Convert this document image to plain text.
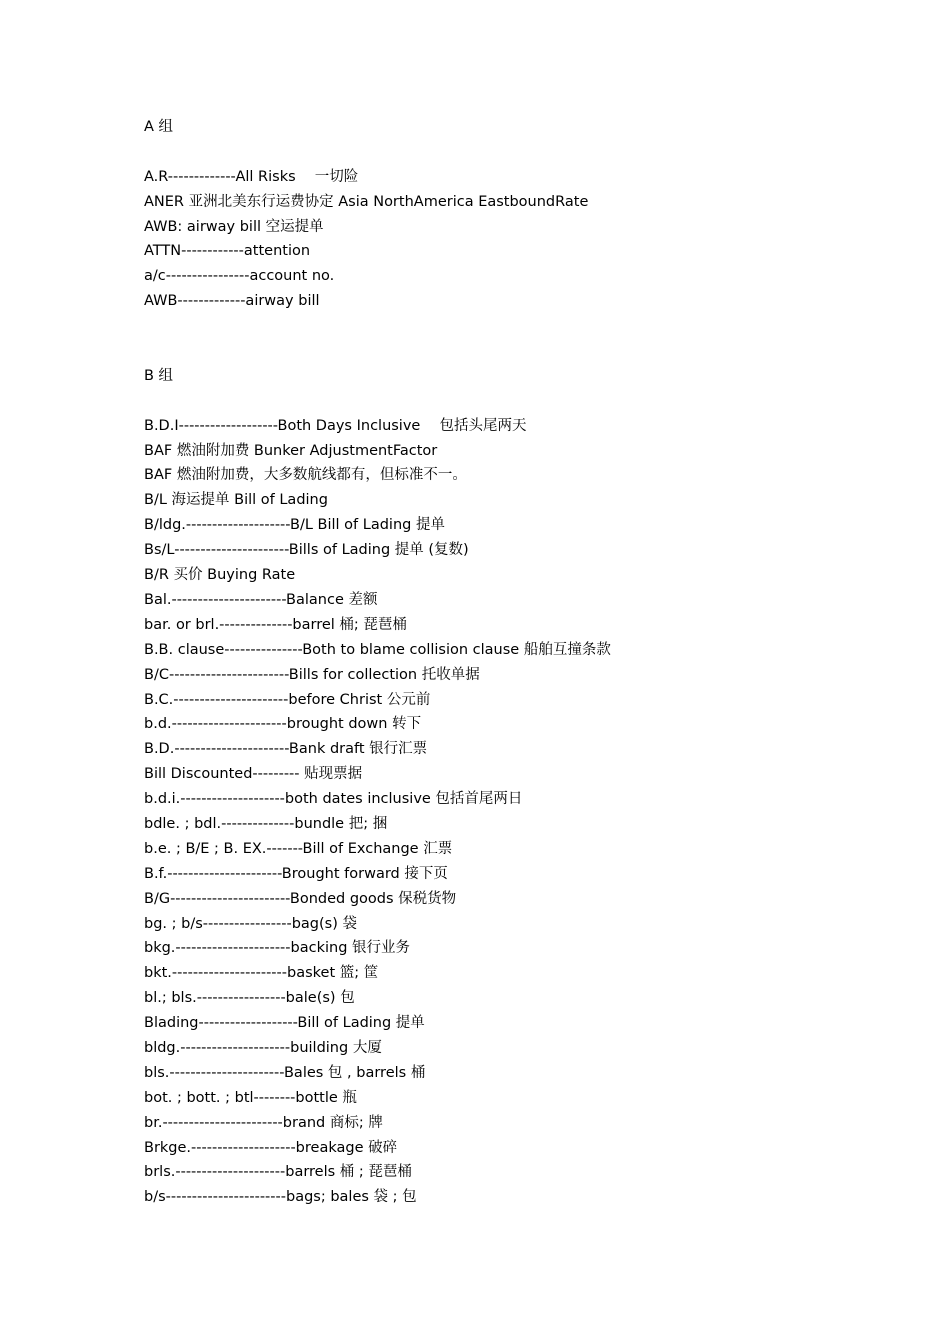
A 组
A.R-------------All Risks　 一切险
ANER 亚洲北美东行运费协定 Asia NorthAmerica EastboundRate
AWB: airway bill 空运提单
ATTN------------attention
a/c----------------account no.
AWB-------------airway bill
B 组
B.D.I-------------------Both Days Inclusive　 包括头尾两天
BAF 燃油附加费 Bunker AdjustmentFactor
BAF 燃油附加费，大多数航线都有，但标准不一。
B/L 海运提单 Bill of Lading
B/ldg.--------------------B/L Bill of Lading 提单
Bs/L----------------------Bills of Lading 提单 (复数)
B/R 买价 Buying Rate
Bal.----------------------Balance 差额
bar. or brl.--------------barrel 桶; 琵琶桶
B.B. clause---------------Both to blame collision clause 船舶互撞条款
B/C-----------------------Bills for collection 托收单据
B.C.----------------------before Christ 公元前
b.d.----------------------brought down 转下
B.D.----------------------Bank draft 银行汇票
Bill Discounted--------- 贴现票据
b.d.i.--------------------both dates inclusive 包括首尾两日
bdle. ; bdl.--------------bundle 把; 捆
b.e. ; B/E ; B. EX.-------Bill of Exchange 汇票
B.f.----------------------Brought forward 接下页
B/G-----------------------Bonded goods 保税货物
bg. ; b/s-----------------bag(s) 袋
bkg.----------------------backing 银行业务
bkt.----------------------basket 篮; 筐
bl.; bls.-----------------bale(s) 包
Blading-------------------Bill of Lading 提单
bldg.---------------------building 大厦
bls.----------------------Bales 包 , barrels 桶
bot. ; bott. ; btl--------bottle 瓶
br.-----------------------brand 商标; 牌
Brkge.--------------------breakage 破碎
brls.---------------------barrels 桶 ; 琵琶桶
b/s-----------------------bags; bales 袋 ; 包
